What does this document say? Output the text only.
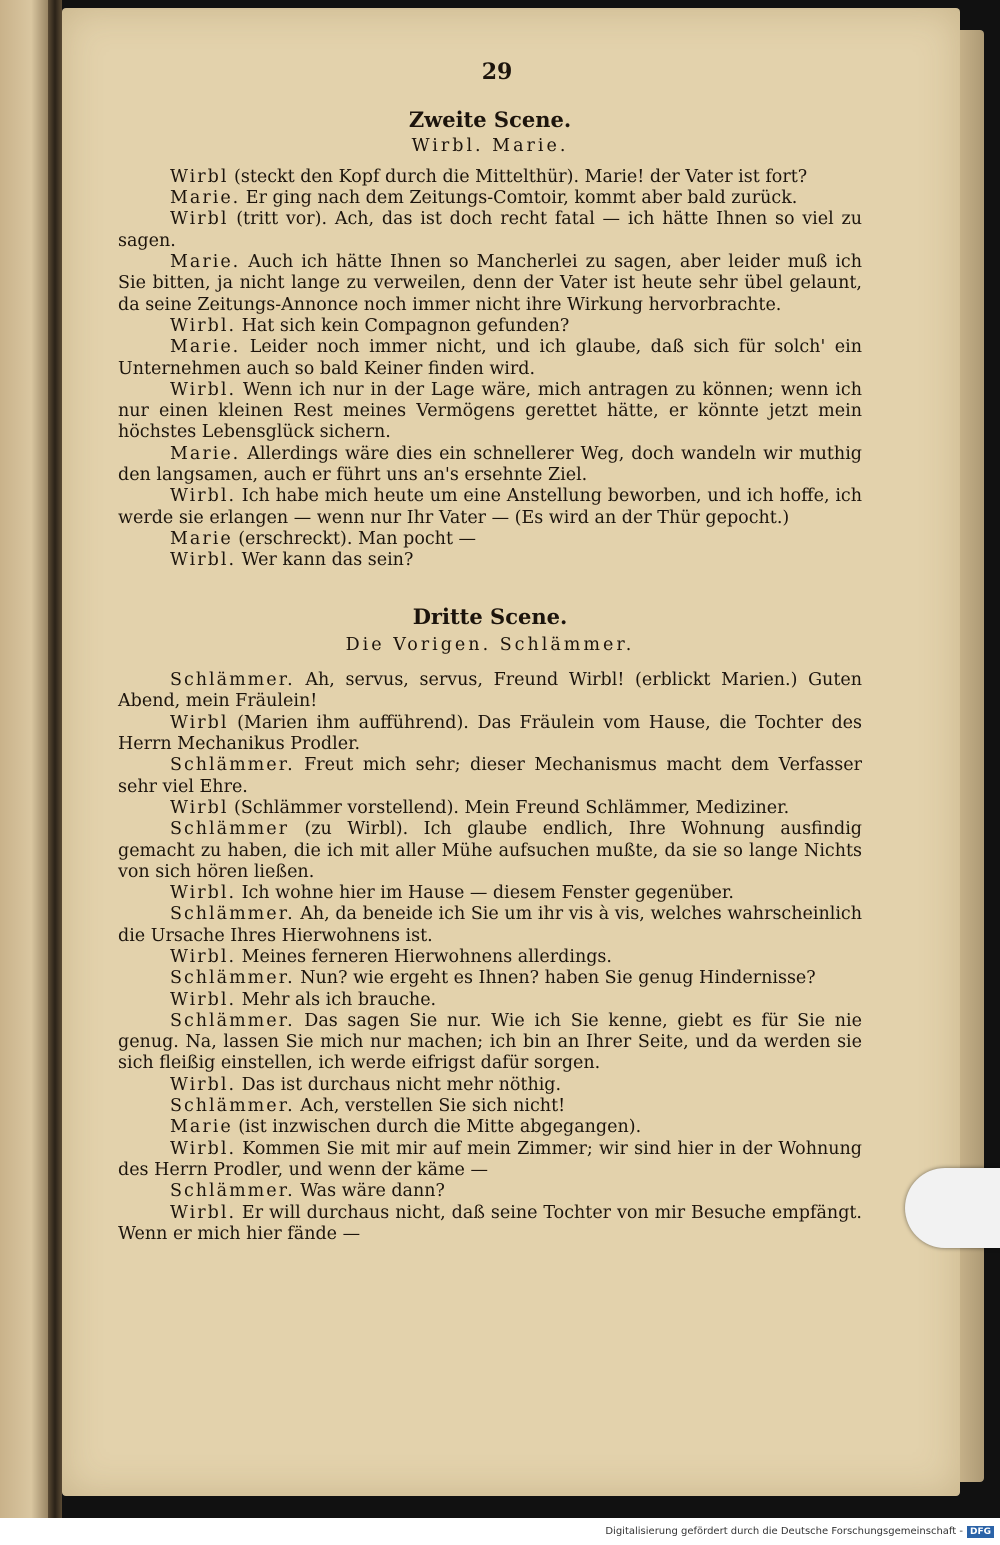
29
Zweite Scene.
Wirbl. Marie.

Wirbl (steckt den Kopf durch die Mittelthür). Marie! der Vater ist fort?

Marie. Er ging nach dem Zeitungs-Comtoir, kommt aber bald zurück.

Wirbl (tritt vor). Ach, das ist doch recht fatal — ich hätte Ihnen so viel zu sagen.

Marie. Auch ich hätte Ihnen so Mancherlei zu sagen, aber leider muß ich Sie bitten, ja nicht lange zu verweilen, denn der Vater ist heute sehr übel gelaunt, da seine Zeitungs-Annonce noch immer nicht ihre Wirkung hervorbrachte.

Wirbl. Hat sich kein Compagnon gefunden?

Marie. Leider noch immer nicht, und ich glaube, daß sich für solch' ein Unternehmen auch so bald Keiner finden wird.

Wirbl. Wenn ich nur in der Lage wäre, mich antragen zu können; wenn ich nur einen kleinen Rest meines Vermögens gerettet hätte, er könnte jetzt mein höchstes Lebensglück sichern.

Marie. Allerdings wäre dies ein schnellerer Weg, doch wandeln wir muthig den langsamen, auch er führt uns an's ersehnte Ziel.

Wirbl. Ich habe mich heute um eine Anstellung beworben, und ich hoffe, ich werde sie erlangen — wenn nur Ihr Vater — (Es wird an der Thür gepocht.)

Marie (erschreckt). Man pocht —

Wirbl. Wer kann das sein?

Dritte Scene.
Die Vorigen. Schlämmer.

Schlämmer. Ah, servus, servus, Freund Wirbl! (erblickt Marien.) Guten Abend, mein Fräulein!

Wirbl (Marien ihm aufführend). Das Fräulein vom Hause, die Tochter des Herrn Mechanikus Prodler.

Schlämmer. Freut mich sehr; dieser Mechanismus macht dem Verfasser sehr viel Ehre.

Wirbl (Schlämmer vorstellend). Mein Freund Schlämmer, Mediziner.

Schlämmer (zu Wirbl). Ich glaube endlich, Ihre Wohnung ausfindig gemacht zu haben, die ich mit aller Mühe aufsuchen mußte, da sie so lange Nichts von sich hören ließen.

Wirbl. Ich wohne hier im Hause — diesem Fenster gegenüber.

Schlämmer. Ah, da beneide ich Sie um ihr vis à vis, welches wahrscheinlich die Ursache Ihres Hierwohnens ist.

Wirbl. Meines ferneren Hierwohnens allerdings.

Schlämmer. Nun? wie ergeht es Ihnen? haben Sie genug Hindernisse?

Wirbl. Mehr als ich brauche.

Schlämmer. Das sagen Sie nur. Wie ich Sie kenne, giebt es für Sie nie genug. Na, lassen Sie mich nur machen; ich bin an Ihrer Seite, und da werden sie sich fleißig einstellen, ich werde eifrigst dafür sorgen.

Wirbl. Das ist durchaus nicht mehr nöthig.

Schlämmer. Ach, verstellen Sie sich nicht!

Marie (ist inzwischen durch die Mitte abgegangen).

Wirbl. Kommen Sie mit mir auf mein Zimmer; wir sind hier in der Wohnung des Herrn Prodler, und wenn der käme —

Schlämmer. Was wäre dann?

Wirbl. Er will durchaus nicht, daß seine Tochter von mir Besuche empfängt. Wenn er mich hier fände —

Digitalisierung gefördert durch die Deutsche Forschungsgemeinschaft - DFG
